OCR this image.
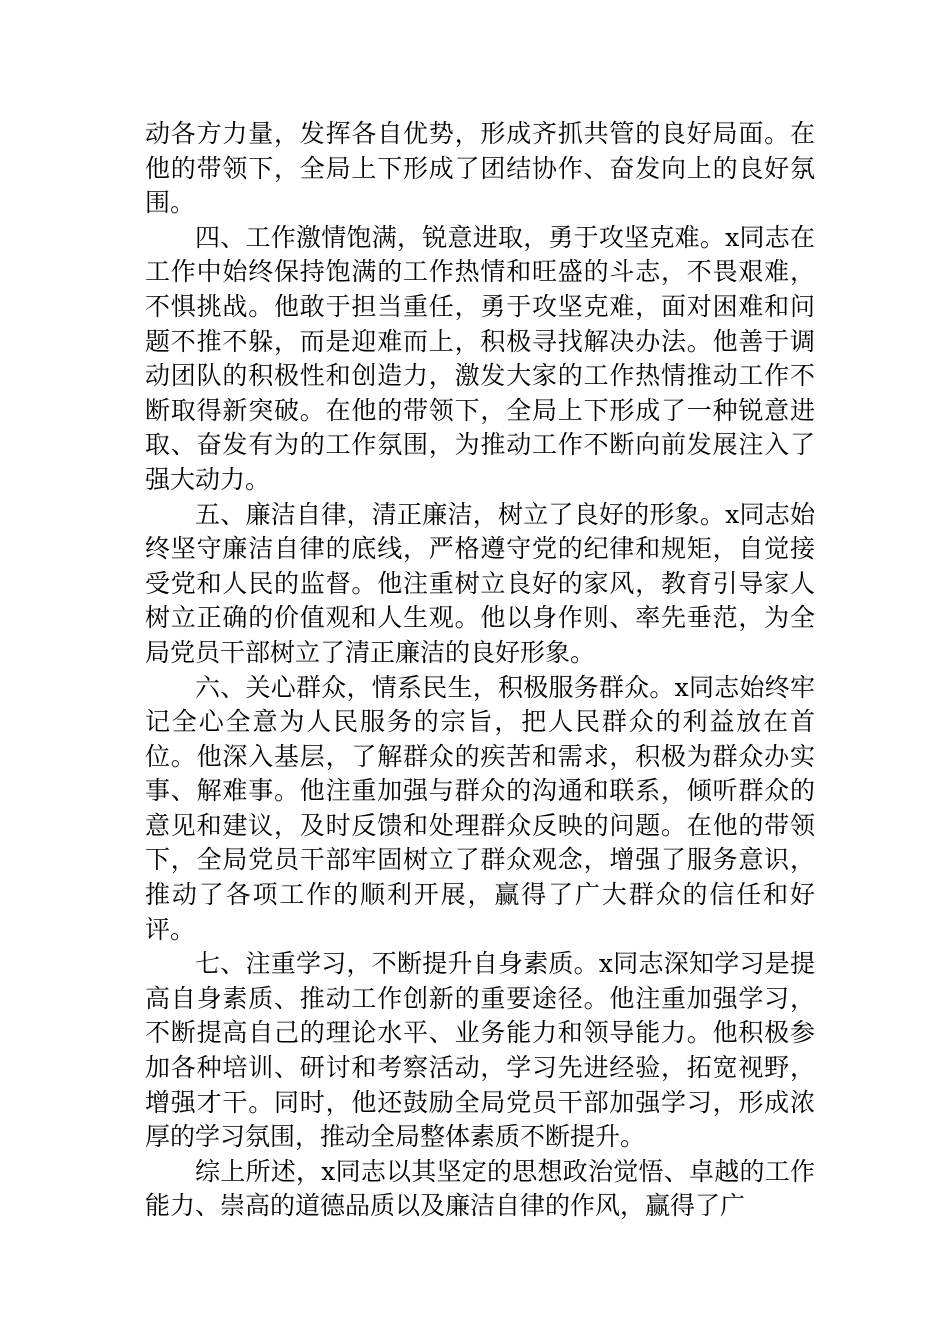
动各方力量，发挥各自优势，形成齐抓共管的良好局面。在他的带领下，全局上下形成了团结协作、奋发向上的良好氛围。

四、工作激情饱满，锐意进取，勇于攻坚克难。x同志在工作中始终保持饱满的工作热情和旺盛的斗志，不畏艰难，不惧挑战。他敢于担当重任，勇于攻坚克难，面对困难和问题不推不躲，而是迎难而上，积极寻找解决办法。他善于调动团队的积极性和创造力，激发大家的工作热情推动工作不断取得新突破。在他的带领下，全局上下形成了一种锐意进取、奋发有为的工作氛围，为推动工作不断向前发展注入了强大动力。

五、廉洁自律，清正廉洁，树立了良好的形象。x同志始终坚守廉洁自律的底线，严格遵守党的纪律和规矩，自觉接受党和人民的监督。他注重树立良好的家风，教育引导家人树立正确的价值观和人生观。他以身作则、率先垂范，为全局党员干部树立了清正廉洁的良好形象。

六、关心群众，情系民生，积极服务群众。x同志始终牢记全心全意为人民服务的宗旨，把人民群众的利益放在首位。他深入基层，了解群众的疾苦和需求，积极为群众办实事、解难事。他注重加强与群众的沟通和联系，倾听群众的意见和建议，及时反馈和处理群众反映的问题。在他的带领下，全局党员干部牢固树立了群众观念，增强了服务意识，推动了各项工作的顺利开展，赢得了广大群众的信任和好评。

七、注重学习，不断提升自身素质。x同志深知学习是提高自身素质、推动工作创新的重要途径。他注重加强学习，不断提高自己的理论水平、业务能力和领导能力。他积极参加各种培训、研讨和考察活动，学习先进经验，拓宽视野，增强才干。同时，他还鼓励全局党员干部加强学习，形成浓厚的学习氛围，推动全局整体素质不断提升。

综上所述，x同志以其坚定的思想政治觉悟、卓越的工作能力、崇高的道德品质以及廉洁自律的作风，赢得了广
